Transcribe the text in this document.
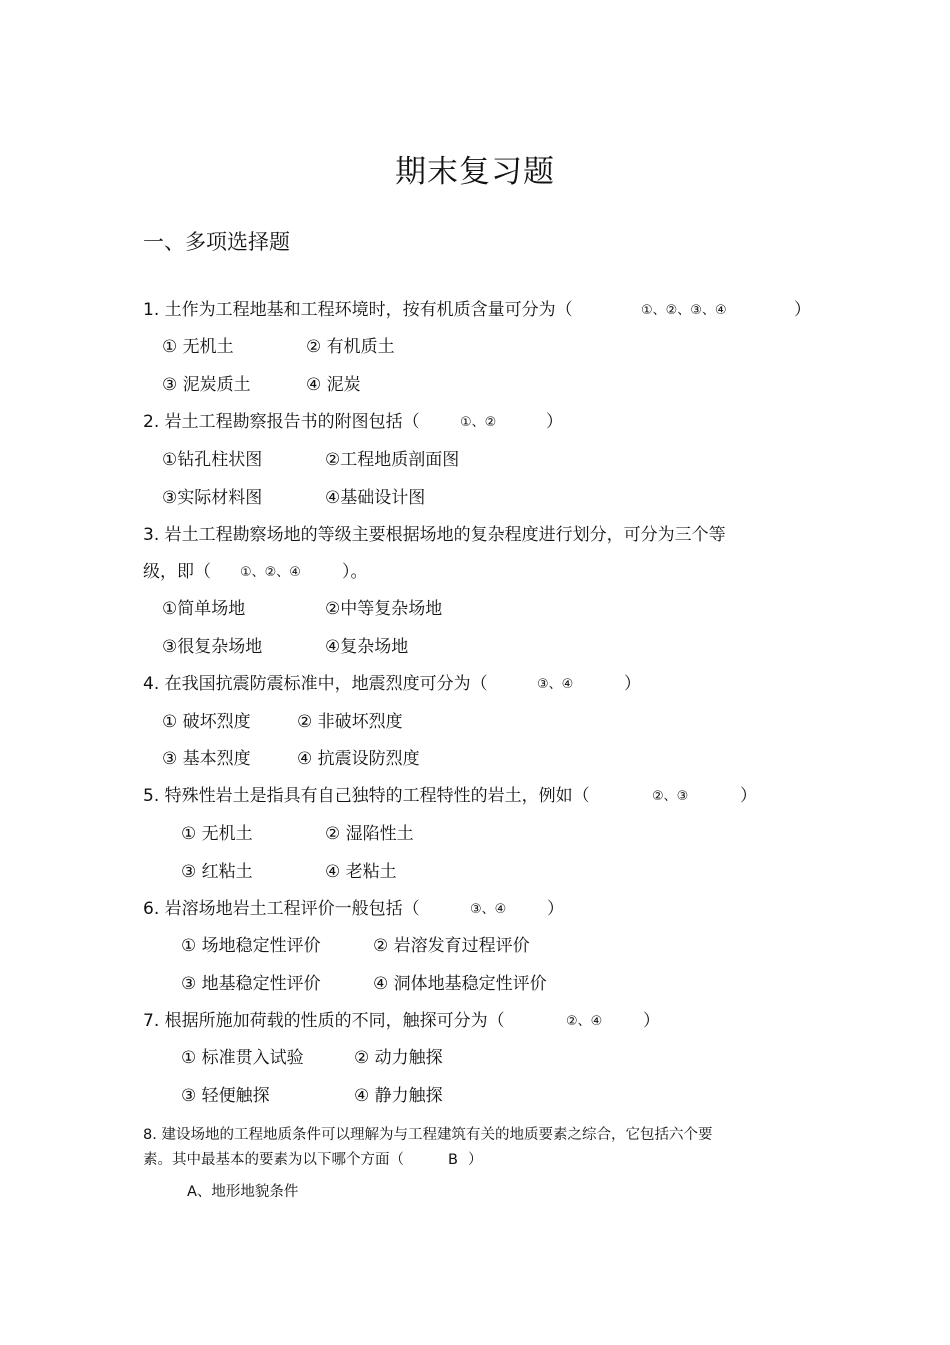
期末复习题
一、多项选择题
1. 土作为工程地基和工程环境时，按有机质含量可分为（	①、②、③、④	）
① 无机土	② 有机质土
③ 泥炭质土	④ 泥炭
2. 岩土工程勘察报告书的附图包括（	①、②	）
①钻孔柱状图	②工程地质剖面图
③实际材料图	④基础设计图
3. 岩土工程勘察场地的等级主要根据场地的复杂程度进行划分，可分为三个等
级，即（ ①、②、④ ）。
①简单场地	②中等复杂场地
③很复杂场地	④复杂场地
4. 在我国抗震防震标准中，地震烈度可分为（	③、④	）
① 破坏烈度	② 非破坏烈度
③ 基本烈度	④ 抗震设防烈度
5. 特殊性岩土是指具有自己独特的工程特性的岩土，例如（	②、③	）
① 无机土	② 湿陷性土
③ 红粘土	④ 老粘土
6. 岩溶场地岩土工程评价一般包括（	③、④ ）
① 场地稳定性评价	② 岩溶发育过程评价
③ 地基稳定性评价	④ 洞体地基稳定性评价
7. 根据所施加荷载的性质的不同，触探可分为（	②、④ ）
① 标准贯入试验	② 动力触探
③ 轻便触探	④ 静力触探
8. 建设场地的工程地质条件可以理解为与工程建筑有关的地质要素之综合，它包括六个要
素。其中最基本的要素为以下哪个方面（	B ）
A、地形地貌条件
